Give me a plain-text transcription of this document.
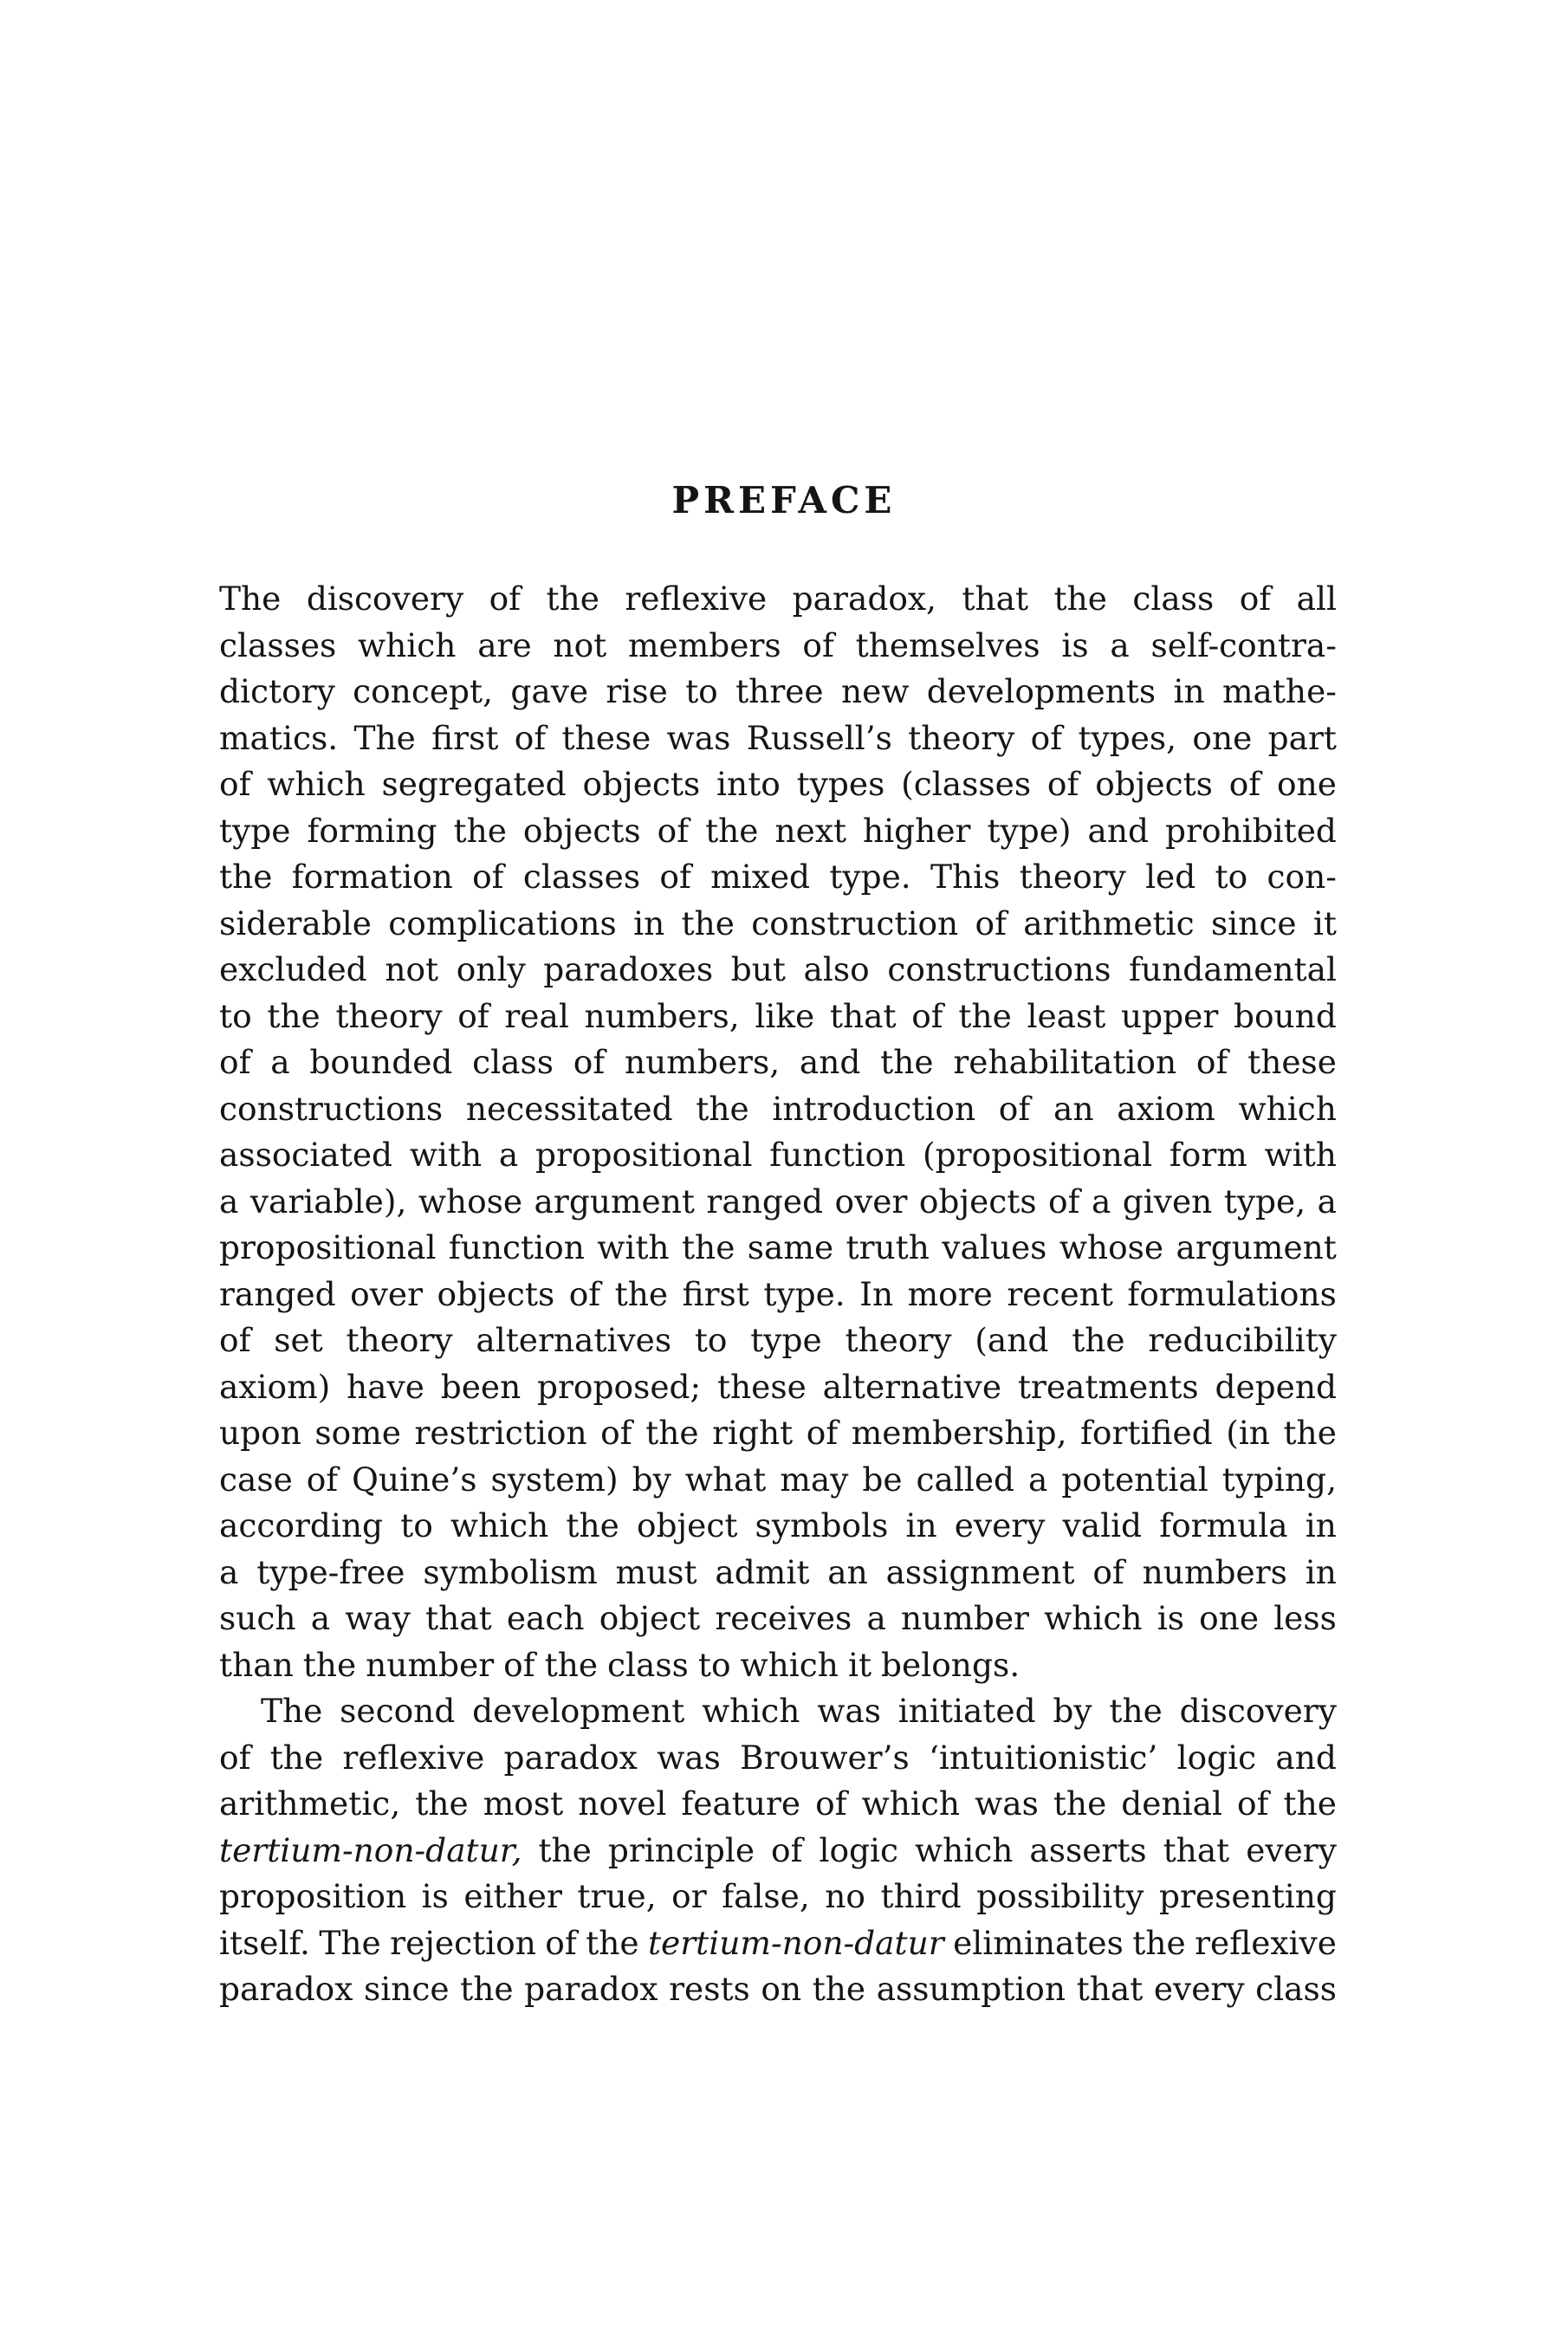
PREFACE
The discovery of the reflexive paradox, that the class of all
classes which are not members of themselves is a self-contra-
dictory concept, gave rise to three new developments in mathe-
matics. The first of these was Russell’s theory of types, one part
of which segregated objects into types (classes of objects of one
type forming the objects of the next higher type) and prohibited
the formation of classes of mixed type. This theory led to con-
siderable complications in the construction of arithmetic since it
excluded not only paradoxes but also constructions fundamental
to the theory of real numbers, like that of the least upper bound
of a bounded class of numbers, and the rehabilitation of these
constructions necessitated the introduction of an axiom which
associated with a propositional function (propositional form with
a variable), whose argument ranged over objects of a given type, a
propositional function with the same truth values whose argument
ranged over objects of the first type. In more recent formulations
of set theory alternatives to type theory (and the reducibility
axiom) have been proposed; these alternative treatments depend
upon some restriction of the right of membership, fortified (in the
case of Quine’s system) by what may be called a potential typing,
according to which the object symbols in every valid formula in
a type-free symbolism must admit an assignment of numbers in
such a way that each object receives a number which is one less
than the number of the class to which it belongs.
The second development which was initiated by the discovery
of the reflexive paradox was Brouwer’s ‘intuitionistic’ logic and
arithmetic, the most novel feature of which was the denial of the
tertium-non-datur, the principle of logic which asserts that every
proposition is either true, or false, no third possibility presenting
itself. The rejection of the tertium-non-datur eliminates the reflexive
paradox since the paradox rests on the assumption that every class
